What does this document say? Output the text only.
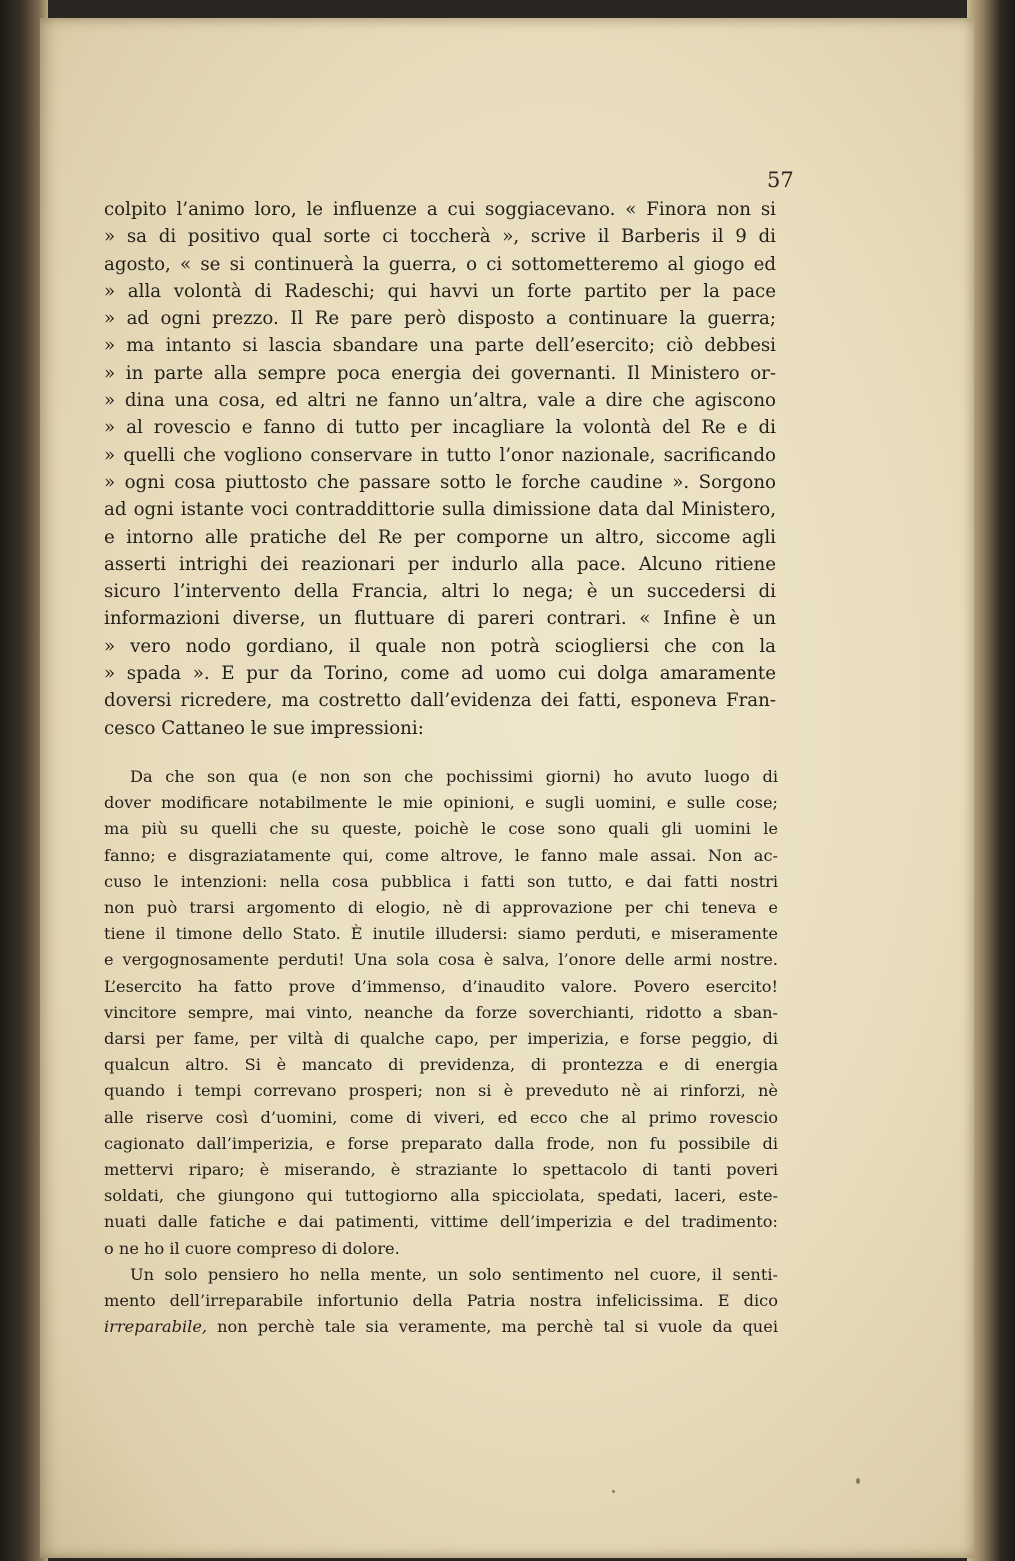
57

colpito l’animo loro, le influenze a cui soggiacevano. « Finora non si
» sa di positivo qual sorte ci toccherà », scrive il Barberis il 9 di
agosto, « se si continuerà la guerra, o ci sottometteremo al giogo ed
» alla volontà di Radeschi; qui havvi un forte partito per la pace
» ad ogni prezzo. Il Re pare però disposto a continuare la guerra;
» ma intanto si lascia sbandare una parte dell’esercito; ciò debbesi
» in parte alla sempre poca energia dei governanti. Il Ministero or-
» dina una cosa, ed altri ne fanno un’altra, vale a dire che agiscono
» al rovescio e fanno di tutto per incagliare la volontà del Re e di
» quelli che vogliono conservare in tutto l’onor nazionale, sacrificando
» ogni cosa piuttosto che passare sotto le forche caudine ». Sorgono
ad ogni istante voci contraddittorie sulla dimissione data dal Ministero,
e intorno alle pratiche del Re per comporne un altro, siccome agli
asserti intrighi dei reazionari per indurlo alla pace. Alcuno ritiene
sicuro l’intervento della Francia, altri lo nega; è un succedersi di
informazioni diverse, un fluttuare di pareri contrari. « Infine è un
» vero nodo gordiano, il quale non potrà sciogliersi che con la
» spada ». E pur da Torino, come ad uomo cui dolga amaramente
doversi ricredere, ma costretto dall’evidenza dei fatti, esponeva Fran-
cesco Cattaneo le sue impressioni:
Da che son qua (e non son che pochissimi giorni) ho avuto luogo di
dover modificare notabilmente le mie opinioni, e sugli uomini, e sulle cose;
ma più su quelli che su queste, poichè le cose sono quali gli uomini le
fanno; e disgraziatamente qui, come altrove, le fanno male assai. Non ac-
cuso le intenzioni: nella cosa pubblica i fatti son tutto, e dai fatti nostri
non può trarsi argomento di elogio, nè di approvazione per chi teneva e
tiene il timone dello Stato. È inutile illudersi: siamo perduti, e miseramente
e vergognosamente perduti! Una sola cosa è salva, l’onore delle armi nostre.
L’esercito ha fatto prove d’immenso, d’inaudito valore. Povero esercito!
vincitore sempre, mai vinto, neanche da forze soverchianti, ridotto a sban-
darsi per fame, per viltà di qualche capo, per imperizia, e forse peggio, di
qualcun altro. Si è mancato di previdenza, di prontezza e di energia
quando i tempi correvano prosperi; non si è preveduto nè ai rinforzi, nè
alle riserve così d’uomini, come di viveri, ed ecco che al primo rovescio
cagionato dall’imperizia, e forse preparato dalla frode, non fu possibile di
mettervi riparo; è miserando, è straziante lo spettacolo di tanti poveri
soldati, che giungono qui tuttogiorno alla spicciolata, spedati, laceri, este-
nuati dalle fatiche e dai patimenti, vittime dell’imperizia e del tradimento:
o ne ho il cuore compreso di dolore.
Un solo pensiero ho nella mente, un solo sentimento nel cuore, il senti-
mento dell’irreparabile infortunio della Patria nostra infelicissima. E dico
irreparabile, non perchè tale sia veramente, ma perchè tal si vuole da quei
